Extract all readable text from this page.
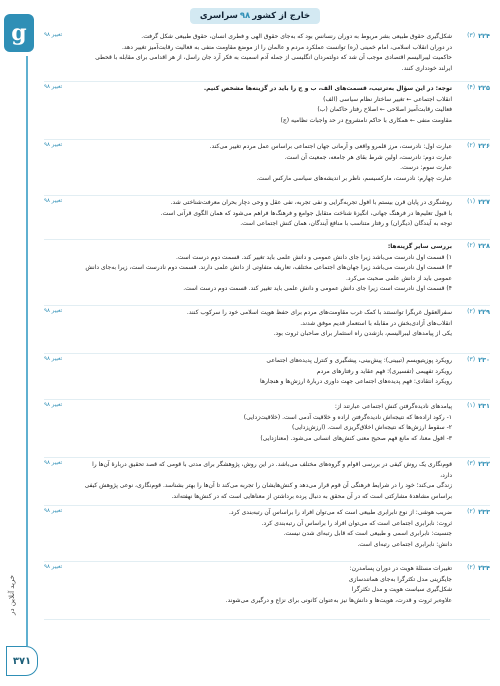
g
خرید آنلاین در
۳۷۱
سراسری ۹۸ خارج از کشور
۲۲۴
(۳)
شکل‌گیری حقوق طبیعی بشر مربوط به دوران رنسانس بود که به‌جای حقوق الهی و فطری انسان، حقوق طبیعی شکل گرفت.
در دوران انقلاب اسلامی، امام خمینی (ره) توانست عملکرد مردم و عالمان را از موضع مقاومت منفی به فعالیت رقابت‌آمیز تغییر دهد.
حاکمیت لیبرالیسم اقتصادی موجب آن شد که دولتمردان انگلیسی از جمله آدم اسمیت به فکر آرد جان راسل، از هر اقدامی برای مقابله با قحطی ایرلند خودداری کنند.
تغییر ۹۸
۲۲۵
(۴)
توجه: در این سؤال به‌ترتیب، قسمت‌های الف، ب و ج را باید در گزینه‌ها مشخص کنیم.
انقلاب اجتماعی ← تغییر ساختار نظام سیاسی (الف)
فعالیت رقابت‌آمیز اصلاحی ← اصلاح رفتار حاکمان (ب)
مقاومت منفی ← همکاری با حاکم نامشروع در حد واجبات نظامیه (ج)
تغییر ۹۸
۲۲۶
(۲)
عبارت اول: نادرست، مرز قلمرو واقعی و آرمانی جهان اجتماعی براساس عمل مردم تغییر می‌کند.
عبارت دوم: نادرست، اولین شرط بقای هر جامعه، جمعیت آن است.
عبارت سوم: درست.
عبارت چهارم: نادرست، مارکسیسم، ناظر بر اندیشه‌های سیاسی مارکس است.
تغییر ۹۸
۲۲۷
(۱)
روشنگری در پایان قرن بیستم با افول تجربه‌گرایی و نفی تجربه، نفی عقل و وحی دچار بحران معرفت‌شناختی شد.
با قبول تعلیم‌ها در فرهنگ جهانی، انگیزهٔ شناخت متقابل جوامع و فرهنگ‌ها فراهم می‌شود که همان الگوی قرآنی است.
توجه به آیندگان (دیگران) و رفتار متناسب با منافع آیندگان، همان کنش اجتماعی است.
تغییر ۹۸
۲۲۸
(۲)
بررسی سایر گزینه‌ها:
۱) قسمت اول نادرست می‌باشد زیرا جای دانش عمومی و دانش علمی باید تغییر کند. قسمت دوم درست است.
۳) قسمت اول نادرست می‌باشد زیرا جهان‌های اجتماعی مختلف، تعاریف متفاوتی از دانش علمی دارند. قسمت دوم نادرست است، زیرا به‌جای دانش
عمومی باید از دانش علمی صحبت می‌کرد.
۴) قسمت اول نادرست است زیرا جای دانش عمومی و دانش علمی باید تغییر کند. قسمت دوم درست است.
۲۲۹
(۲)
سفرالعقول غربگرا توانستند با کمک غرب مقاومت‌های مردم برای حفظ هویت اسلامی خود را سرکوب کنند.
انقلاب‌های آزادی‌بخش در مقابله با استعمار قدیم موفق شدند.
یکی از پیامدهای لیبرالیسم، بازشدن راه استثمار برای صاحبان ثروت بود.
تغییر ۹۸
۲۳۰
(۳)
رویکرد پوزیتیویسم (تبیینی): پیش‌بینی، پیشگیری و کنترل پدیده‌های اجتماعی
رویکرد تفهیمی (تفسیری): فهم عقاید و رفتارهای مردم
رویکرد انتقادی: فهم پدیده‌های اجتماعی جهت داوری دربارهٔ ارزش‌ها و هنجارها
تغییر ۹۸
۲۳۱
(۱)
پیامدهای نادیده‌گرفتن کنش اجتماعی عبارتند از:
۱- رکود اراده‌ها که نتیجه‌اش نادیده‌گرفتن اراده و خلاقیت آدمی است. (خلاقیت‌زدایی)
۲- سقوط ارزش‌ها که نتیجه‌اش اخلاق‌گریزی است. (ارزش‌زدایی)
۳- افول معنا، که مانع فهم صحیح معنی کنش‌های انسانی می‌شود. (معنازدایی)
تغییر ۹۸
۲۳۲
(۳)
قوم‌نگاری یک روش کیفی در بررسی اقوام و گروه‌های مختلف می‌باشد. در این روش، پژوهشگر برای مدتی با قومی که قصد تحقیق دربارهٔ آن‌ها را دارد،
زندگی می‌کند؛ خود را در شرایط فرهنگی آن قوم قرار می‌دهد و کنش‌هایشان را تجربه می‌کند تا آن‌ها را بهتر بشناسد. قوم‌نگاری، نوعی پژوهش کیفی
براساس مشاهدهٔ مشارکتی است که در آن محقق به دنبال پرده برداشتن از معناهایی است که در کنش‌ها نهفته‌اند.
تغییر ۹۸
۲۳۳
(۲)
ضریب هوشی: از نوع نابرابری طبیعی است که می‌توان افراد را براساس آن رتبه‌بندی کرد.
ثروت: نابرابری اجتماعی است که می‌توان افراد را براساس آن رتبه‌بندی کرد.
جنسیت: نابرابری اسمی و طبیعی است که قابل رتبه‌ای شدن نیست.
دانش: نابرابری اجتماعی رتبه‌ای است.
تغییر ۹۸
۲۳۴
(۲)
تغییرات مسئلهٔ هویت در دوران پسامدرن:
جایگزینی مدل تکثرگرا به‌جای همانندسازی
شکل‌گیری سیاست هویت و مدل تکثرگرا
علاوه‌بر ثروت و قدرت، هویت‌ها و دانش‌ها نیز به‌عنوان کانونی برای نزاع و درگیری می‌شوند.
تغییر ۹۸
